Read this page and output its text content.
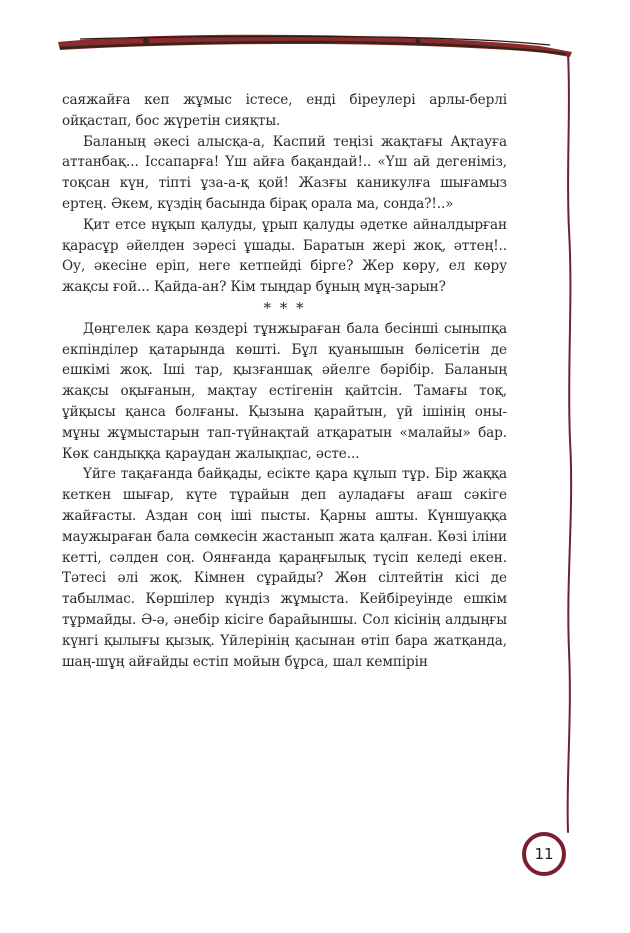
саяжайға кеп жұмыс істесе, енді біреулері арлы-берлі ойқастап, бос жүретін сияқты.

Баланың әкесі алысқа-а, Каспий теңізі жақтағы Ақтауға аттанбақ... Іссапарға! Үш айға бақандай!.. «Үш ай дегеніміз, тоқсан күн, тіпті ұза-а-қ қой! Жазғы каникулға шығамыз ертең. Әкем, күздің басында бірақ орала ма, сонда?!..»

Қит етсе нұқып қалуды, ұрып қалуды әдетке айналдырған қарасұр әйелден зәресі ұшады. Баратын жері жоқ, әттең!.. Оу, әкесіне еріп, неге кетпейді бірге? Жер көру, ел көру жақсы ғой... Қайда-ан? Кім тыңдар бұның мұң-зарын?

* * *

Дөңгелек қара көздері тұнжыраған бала бесінші сыныпқа екпінділер қатарында көшті. Бұл қуанышын бөлісетін де ешкімі жоқ. Іші тар, қызғаншақ әйелге бәрібір. Баланың жақсы оқығанын, мақтау естігенін қайтсін. Тамағы тоқ, ұйқысы қанса болғаны. Қызына қарайтын, үй ішінің оны-мұны жұмыстарын тап-түйнақтай атқаратын «малайы» бар. Көк сандыққа қараудан жалықпас, әсте...

Үйге тақағанда байқады, есікте қара құлып тұр. Бір жаққа кеткен шығар, күте тұрайын деп ауладағы ағаш сәкіге жайғасты. Аздан соң іші пысты. Қарны ашты. Күншуаққа маужыраған бала сөмкесін жастанып жата қалған. Көзі іліни кетті, сәлден соң. Оянғанда қараңғылық түсіп келеді екен. Тәтесі әлі жоқ. Кімнен сұрайды? Жөн сілтейтін кісі де табылмас. Көршілер күндіз жұмыста. Кейбіреуінде ешкім тұрмайды. Ә-ә, әнебір кісіге барайыншы. Сол кісінің алдыңғы күнгі қылығы қызық. Үйлерінің қасынан өтіп бара жатқанда, шаң-шұң айғайды естіп мойын бұрса, шал кемпірін

11
